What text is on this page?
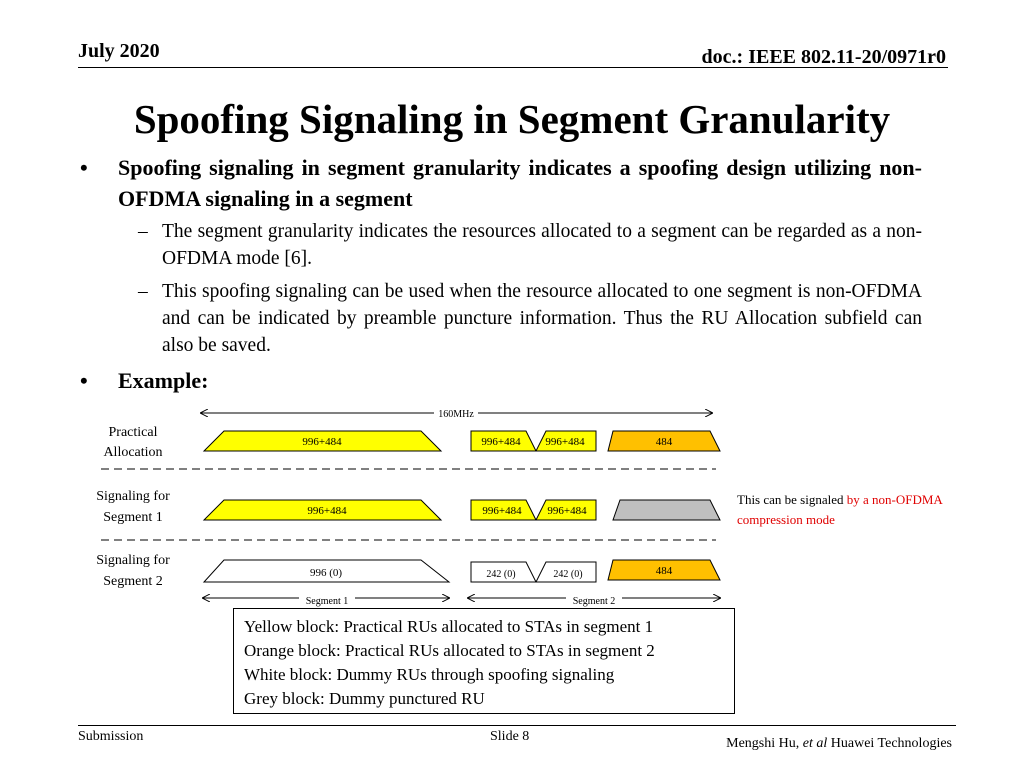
July 2020	doc.: IEEE 802.11-20/0971r0
Spoofing Signaling in Segment Granularity
• Spoofing signaling in segment granularity indicates a spoofing design utilizing non-OFDMA signaling in a segment
– The segment granularity indicates the resources allocated to a segment can be regarded as a non-OFDMA mode [6].
– This spoofing signaling can be used when the resource allocated to one segment is non-OFDMA and can be indicated by preamble puncture information. Thus the RU Allocation subfield can also be saved.
• Example:
160MHz
Practical
Allocation
Signaling for
Segment 1
Signaling for
Segment 2
996+484	996+484 996+484	484
996+484	996+484 996+484
996 (0)	242 (0)	242 (0)	484
Segment 1	Segment 2
This can be signaled by a non-OFDMA compression mode
Yellow block: Practical RUs allocated to STAs in segment 1
Orange block: Practical RUs allocated to STAs in segment 2
White block: Dummy RUs through spoofing signaling
Grey block: Dummy punctured RU
Submission	Slide 8	Mengshi Hu, et al Huawei Technologies
